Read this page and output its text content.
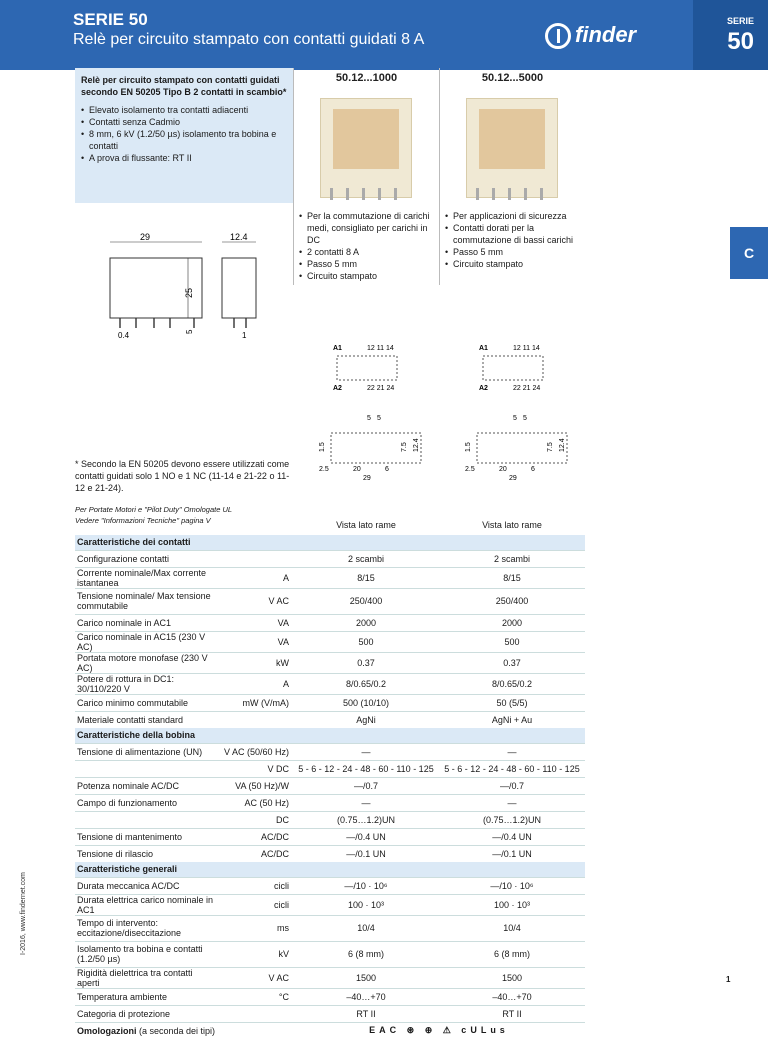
SERIE 50
Relè per circuito stampato con contatti guidati 8 A	finder
SERIE
50
C
I-2016, www.findernet.com
1
Relè per circuito stampato con contatti guidati secondo EN 50205 Tipo B 2 contatti in scambio*
• Elevato isolamento tra contatti adiacenti
• Contatti senza Cadmio
• 8 mm, 6 kV (1.2/50 µs) isolamento tra bobina e contatti
• A prova di flussante: RT II
50.12...1000	50.12...5000
• Per la commutazione di carichi medi, consigliato per carichi in DC
• 2 contatti 8 A
• Passo 5 mm
• Circuito stampato
• Per applicazioni di sicurezza
• Contatti dorati per la commutazione di bassi carichi
• Passo 5 mm
• Circuito stampato
29	12.4
25
5
0.4	1
A1	12 11 14
A2	22 21 24
5 5
1.5	7.5 12.4
2.5	20	6
29
A1	12 11 14
A2	22 21 24
5 5
1.5	7.5 12.4
2.5	20	6
29
* Secondo la EN 50205 devono essere utilizzati come contatti guidati solo 1 NO e 1 NC (11-14 e 21-22 o 11-12 e 21-24).
Per Portate Motori e "Pilot Duty" Omologate UL
Vedere "Informazioni Tecniche" pagina V	Vista lato rame	Vista lato rame
Caratteristiche dei contatti			
Configurazione contatti		2 scambi	2 scambi
Corrente nominale/Max corrente istantanea	A	8/15	8/15
Tensione nominale/ Max tensione commutabile	V AC	250/400	250/400
Carico nominale in AC1	VA	2000	2000
Carico nominale in AC15 (230 V AC)	VA	500	500
Portata motore monofase (230 V AC)	kW	0.37	0.37
Potere di rottura in DC1: 30/110/220 V	A	8/0.65/0.2	8/0.65/0.2
Carico minimo commutabile	mW (V/mA)	500 (10/10)	50 (5/5)
Materiale contatti standard		AgNi	AgNi + Au
Caratteristiche della bobina			
Tensione di alimentazione (UN)	V AC (50/60 Hz)	—	—
	V DC	5 - 6 - 12 - 24 - 48 - 60 - 110 - 125	5 - 6 - 12 - 24 - 48 - 60 - 110 - 125
Potenza nominale AC/DC	VA (50 Hz)/W	—/0.7	—/0.7
Campo di funzionamento	AC (50 Hz)	—	—
	DC	(0.75…1.2)UN	(0.75…1.2)UN
Tensione di mantenimento	AC/DC	—/0.4 UN	—/0.4 UN
Tensione di rilascio	AC/DC	—/0.1 UN	—/0.1 UN
Caratteristiche generali			
Durata meccanica AC/DC	cicli	—/10 · 10⁶	—/10 · 10⁶
Durata elettrica carico nominale in AC1	cicli	100 · 10³	100 · 10³
Tempo di intervento: eccitazione/diseccitazione	ms	10/4	10/4
Isolamento tra bobina e contatti (1.2/50 µs)	kV	6 (8 mm)	6 (8 mm)
Rigidità dielettrica tra contatti aperti	V AC	1500	1500
Temperatura ambiente	°C	–40…+70	–40…+70
Categoria di protezione		RT II	RT II
Omologazioni (a seconda dei tipi)		EAC ⊛ ⊕ ⚠ cULus	
